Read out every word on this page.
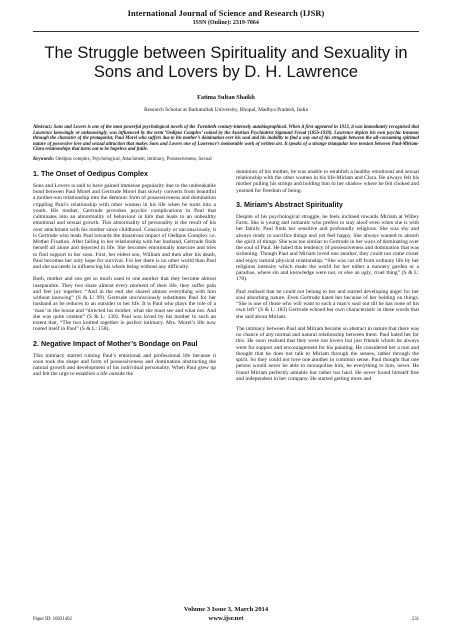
International Journal of Science and Research (IJSR)
ISSN (Online): 2319-7064
The Struggle between Spirituality and Sexuality in Sons and Lovers by D. H. Lawrence
Fatima Sultan Shaikh
Research Scholar at Barkatullah University, Bhopal, Madhya Pradesh, India
Abstract: Sons and Lovers is one of the most powerful psychological novels of the Twentieth century-intensely autobiographical. When it first appeared in 1913, it was immediately recognised that Lawrence knowingly or unknowingly, was influenced by the term ‘Oedipus Complex’ coined by the Austrian Psychiatrist Sigmund Freud (1856-1939). Lawrence depicts his own psychic traumas through the character of the protagonist, Paul Morel who suffers due to his mother’s domination over his soul and his inability to find a way out of his struggle between the all-consuming spiritual nature of possessive love and sexual attraction that makes Sons and Lovers one of Lawrence’s memorable work of written art. It speaks of a strange triangular love tension between Paul-Miriam-Clara relationships that turns out to be hopeless and futile.
Keywords: Oedipus complex, Psychological, Attachment, Intimacy, Possessiveness, Sexual
1. The Onset of Oedipus Complex

Sons and Lovers is said to have gained immense popularity due to the unbreakable bond between Paul Morel and Gertrude Morel that slowly converts from beautiful a mother-son relationship into the demonic form of possessiveness and domination crippling Paul’s relationship with other women in his life when he turns into a youth. His mother, Gertrude provokes psychic complications in Paul that culminates into an abnormality of behaviour in him that leads to an unhealthy emotional and sexual growth. This abnormality of personality is the result of his over attachment with his mother since childhood. Consciously or unconsciously, it is Gertrude who leads Paul towards the disastrous impact of Oedipus Complex i.e. Mother Fixation. After failing in her relationship with her husband, Gertrude finds herself all alone and dejected in life. She becomes emotionally insecure and tries to find support in her sons. First, her eldest son, William and then after his death, Paul becomes her only hope for survival. For her there is no other world than Paul and she succeeds in influencing his whole being without any difficulty.

Both, mother and son get so much used to one another that they become almost inseparable. They two share almost every moment of their life, they suffer pain and feel joy together. “And in the end she shared almost everything with him without knowing” (S & L: 99). Gertrude unconsciously substitutes Paul for her husband as he reduces to an outsider in her life. It is Paul who plays the role of a ‘man’ in the house and “directed his mother, what she must see and what not. And she was quite content” (S & L: 139). Paul was loved by his mother to such an extent that, “The two knitted together in perfect intimacy. Mrs. Morel’s life now rooted itself in Paul” (S & L: 158).

2. Negative Impact of Mother’s Bondage on Paul

This intimacy started ruining Paul’s emotional and professional life because it soon took the shape and form of possessiveness and domination obstructing the natural growth and development of his individual personality. When Paul grew up and felt the urge to establish a life outside the

dominion of his mother, he was unable to establish a healthy emotional and sexual relationship with the other women in his life-Miriam and Clara. He always felt his mother pulling his strings and holding him to her shadow where he felt choked and yearned for freedom of being.

3. Miriam’s Abstract Spirituality

Despite of his psychological struggle, he feels inclined towards Miriam at Willey Farm. She is young and romantic who prefers to stay aloof even when she is with her family. Paul finds her sensitive and profoundly religious. She was shy and always ready to sacrifice things and yet feel happy. She always wanted to absorb the spirit of things. She was too similar to Gertrude in her ways of dominating over the soul of Paul. He hated this tendency of possessiveness and domination that was sickening. Though Paul and Miriam loved one another, they could not come closer and enjoy natural physical relationship. “She was cut off from ordinary life by her religious intensity which made the world for her either a nunnery garden or a paradise, where sin and knowledge were not, or else an ugly, cruel thing” (S & L: 170).

Paul realised that he could not belong to her and started developing anger for her soul absorbing nature. Even Gertrude hated her because of her holding on things. “She is one of those who will want to suck a man’s soul out till he has none of his own left” (S & L: 183) Gertrude echoed her own characteristic in these words that she said about Miriam.

The intimacy between Paul and Miriam became so abstract in nature that there was no chance of any normal and natural relationship between them. Paul hated her for this. He soon realised that they were not lovers but just friends whom he always went for support and encouragement for his painting. He considered her a nun and thought that he does not talk to Miriam through the senses, rather through the spirit. So they could not love one another in common sense. Paul thought that one person would never be able to monopolise him, be everything to him, never. He found Miriam perfectly amiable but rather too hard. He never found himself free and independent in her company. He started getting more and

Volume 3 Issue 3, March 2014
Paper ID: 10031402	www.ijsr.net	231
